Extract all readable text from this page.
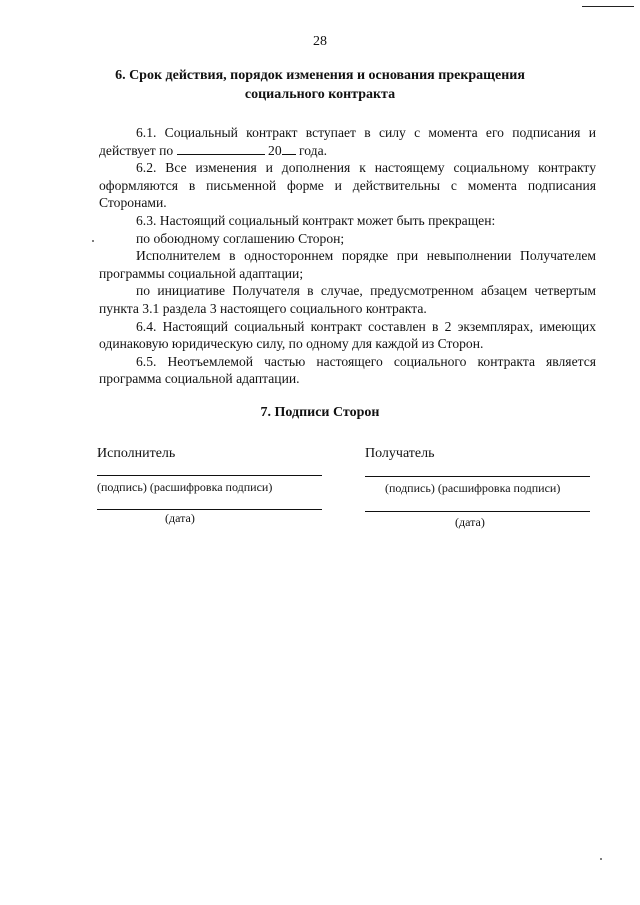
28
6. Срок действия, порядок изменения и основания прекращения
социального контракта

6.1. Социальный контракт вступает в силу с момента его подписания и действует по	20 года.

6.2. Все изменения и дополнения к настоящему социальному контракту оформляются в письменной форме и действительны с момента подписания Сторонами.

6.3. Настоящий социальный контракт может быть прекращен:

по обоюдному соглашению Сторон;

Исполнителем в одностороннем порядке при невыполнении Получателем программы социальной адаптации;

по инициативе Получателя в случае, предусмотренном абзацем четвертым пункта 3.1 раздела 3 настоящего социального контракта.

6.4. Настоящий социальный контракт составлен в 2 экземплярах, имеющих одинаковую юридическую силу, по одному для каждой из Сторон.

6.5. Неотъемлемой частью настоящего социального контракта является программа социальной адаптации.

7. Подписи Сторон
Исполнитель
(подпись) (расшифровка подписи)
(дата)
Получатель
(подпись) (расшифровка подписи)
(дата)
